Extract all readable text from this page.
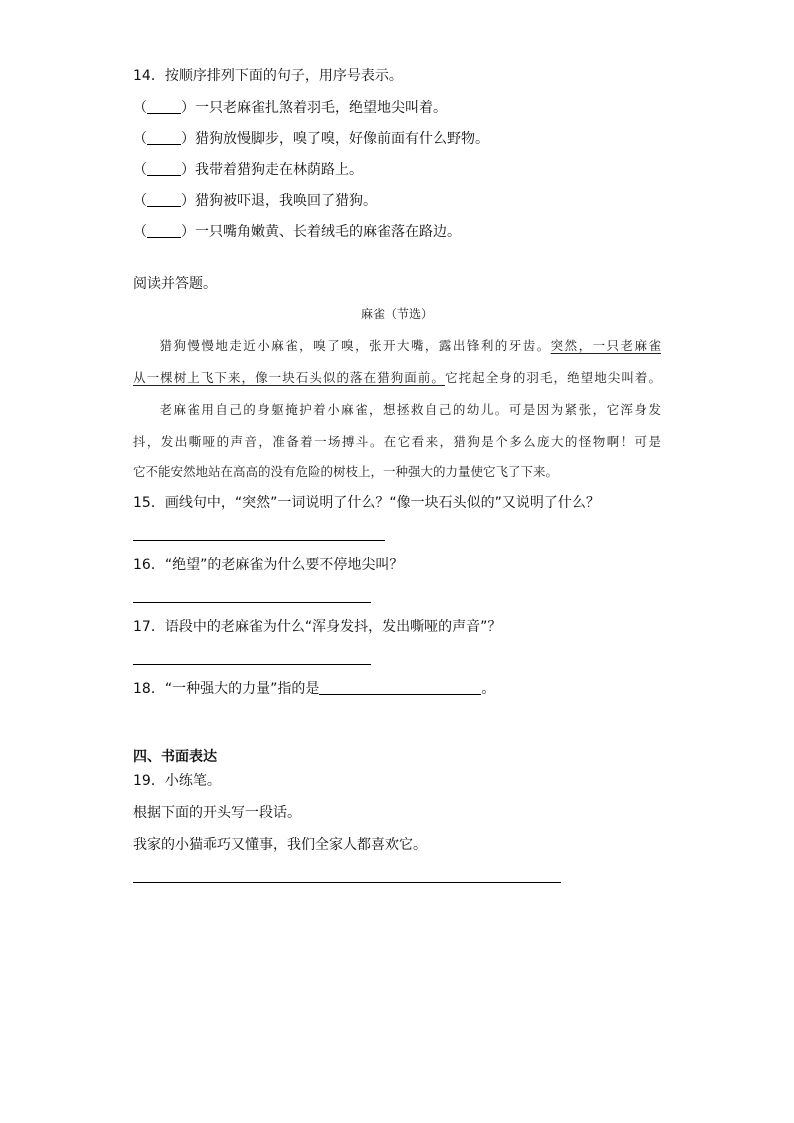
14．按顺序排列下面的句子，用序号表示。
（ ）一只老麻雀扎煞着羽毛，绝望地尖叫着。
（ ）猎狗放慢脚步，嗅了嗅，好像前面有什么野物。
（ ）我带着猎狗走在林荫路上。
（ ）猎狗被吓退，我唤回了猎狗。
（ ）一只嘴角嫩黄、长着绒毛的麻雀落在路边。
阅读并答题。
麻雀（节选）
猎狗慢慢地走近小麻雀，嗅了嗅，张开大嘴，露出锋利的牙齿。突然，一只老麻雀
从一棵树上飞下来，像一块石头似的落在猎狗面前。它挓起全身的羽毛，绝望地尖叫着。
老麻雀用自己的身躯掩护着小麻雀，想拯救自己的幼儿。可是因为紧张，它浑身发
抖，发出嘶哑的声音，准备着一场搏斗。在它看来，猎狗是个多么庞大的怪物啊！可是
它不能安然地站在高高的没有危险的树枝上，一种强大的力量使它飞了下来。
15．画线句中，“突然”一词说明了什么？“像一块石头似的”又说明了什么？
16．“绝望”的老麻雀为什么要不停地尖叫？
17．语段中的老麻雀为什么“浑身发抖，发出嘶哑的声音”？
18．“一种强大的力量”指的是	。
四、书面表达
19．小练笔。
根据下面的开头写一段话。
我家的小猫乖巧又懂事，我们全家人都喜欢它。
